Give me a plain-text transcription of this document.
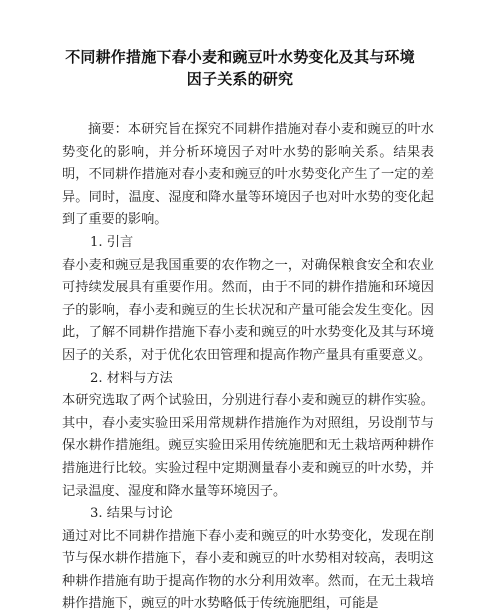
不同耕作措施下春小麦和豌豆叶水势变化及其与环境因子关系的研究

摘要：本研究旨在探究不同耕作措施对春小麦和豌豆的叶水势变化的影响，并分析环境因子对叶水势的影响关系。结果表明，不同耕作措施对春小麦和豌豆的叶水势变化产生了一定的差异。同时，温度、湿度和降水量等环境因子也对叶水势的变化起到了重要的影响。

1. 引言

春小麦和豌豆是我国重要的农作物之一，对确保粮食安全和农业可持续发展具有重要作用。然而，由于不同的耕作措施和环境因子的影响，春小麦和豌豆的生长状况和产量可能会发生变化。因此，了解不同耕作措施下春小麦和豌豆的叶水势变化及其与环境因子的关系，对于优化农田管理和提高作物产量具有重要意义。

2. 材料与方法

本研究选取了两个试验田，分别进行春小麦和豌豆的耕作实验。其中，春小麦实验田采用常规耕作措施作为对照组，另设削节与保水耕作措施组。豌豆实验田采用传统施肥和无土栽培两种耕作措施进行比较。实验过程中定期测量春小麦和豌豆的叶水势，并记录温度、湿度和降水量等环境因子。

3. 结果与讨论

通过对比不同耕作措施下春小麦和豌豆的叶水势变化，发现在削节与保水耕作措施下，春小麦和豌豆的叶水势相对较高，表明这种耕作措施有助于提高作物的水分利用效率。然而，在无土栽培耕作措施下，豌豆的叶水势略低于传统施肥组，可能是
